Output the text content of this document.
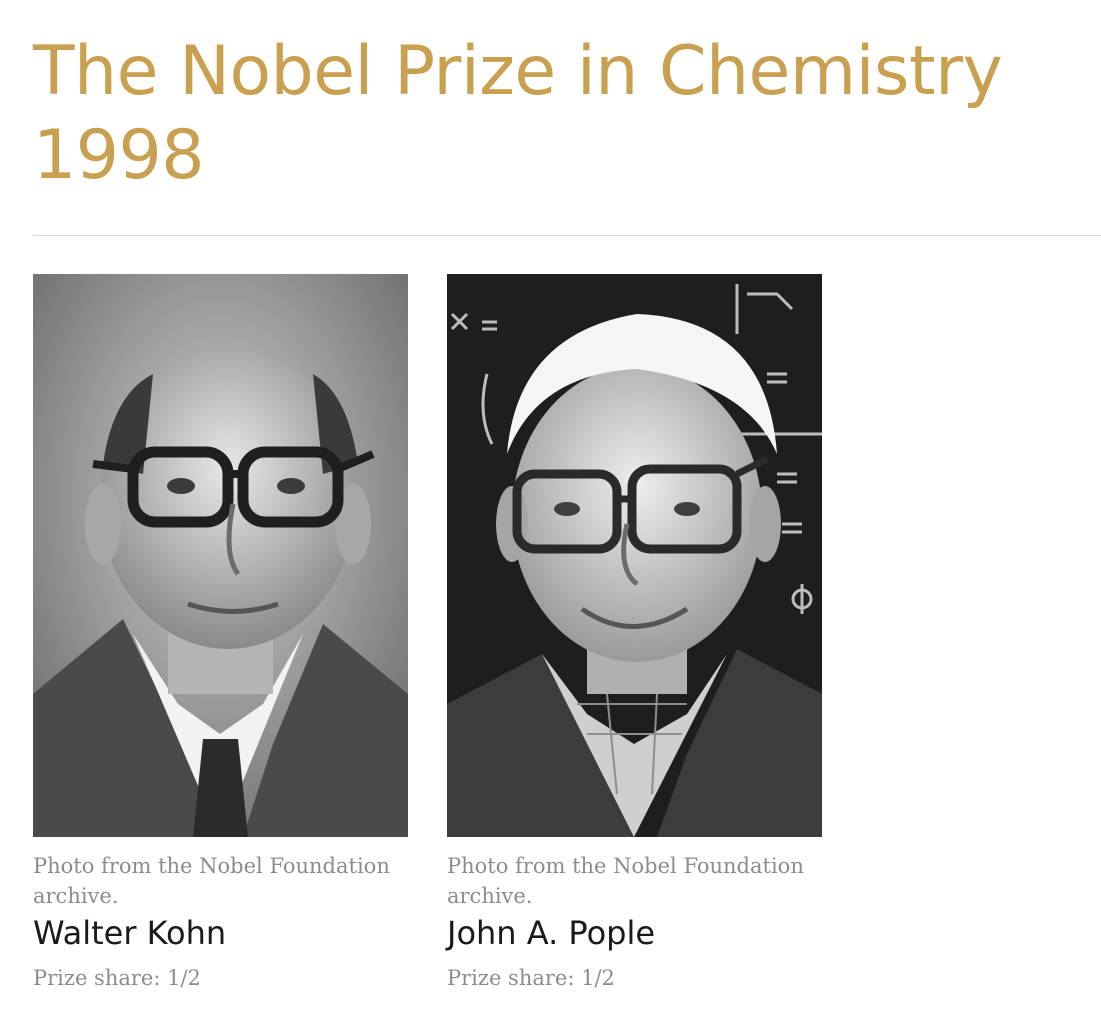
The Nobel Prize in Chemistry
1998
Photo from the Nobel Foundation archive.
Walter Kohn
Prize share: 1/2
Photo from the Nobel Foundation archive.
John A. Pople
Prize share: 1/2
